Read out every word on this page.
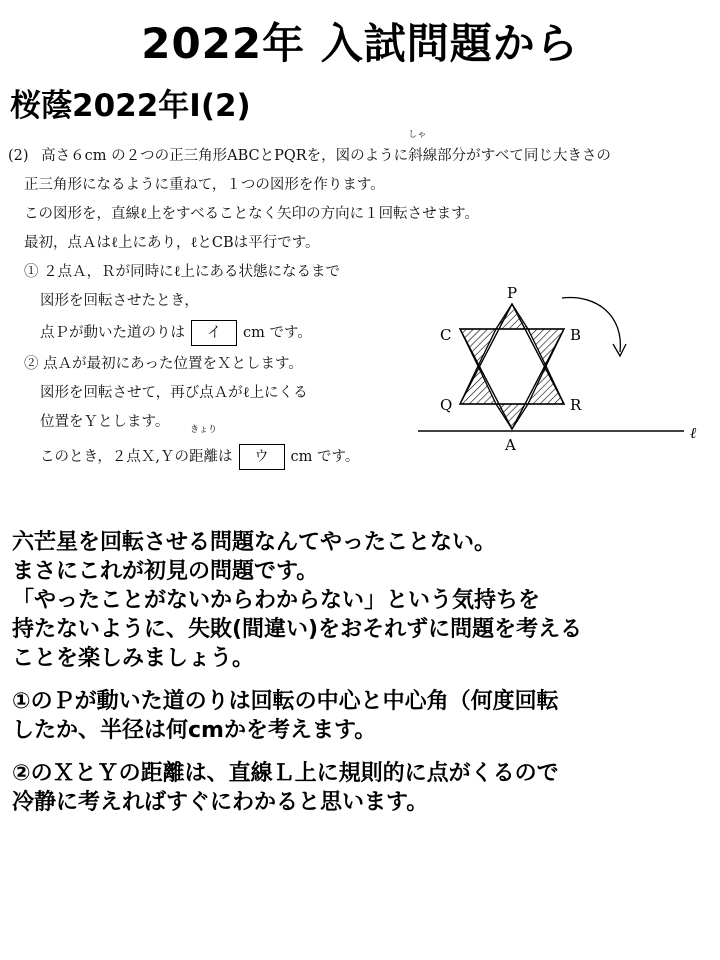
2022年 入試問題から
桜蔭2022年Ⅰ(2)
(2) 高さ６cm の２つの正三角形ABCとPQRを，図のように
しゃ
斜線部分がすべて同じ大きさの
正三角形になるように重ねて，１つの図形を作ります。
この図形を，直線ℓ上をすべることなく矢印の方向に１回転させます。
最初，点Ａはℓ上にあり，ℓとCBは平行です。
① ２点Ａ，Ｒが同時にℓ上にある状態になるまで
図形を回転させたとき，
点Ｐが動いた道のりは イ cm です。
② 点Ａが最初にあった位置をＸとします。
図形を回転させて，再び点Ａがℓ上にくる
位置をＹとします。
このとき，２点Ｘ,Ｙの
きょり
距離は ウ cm です。
P
C	B
Q	R
A
ℓ

六芒星を回転させる問題なんてやったことない。

まさにこれが初見の問題です。

「やったことがないからわからない」という気持ちを

持たないように、失敗(間違い)をおそれずに問題を考える

ことを楽しみましょう。

①のＰが動いた道のりは回転の中心と中心角（何度回転

したか、半径は何cmかを考えます。

②のＸとＹの距離は、直線Ｌ上に規則的に点がくるので

冷静に考えればすぐにわかると思います。
